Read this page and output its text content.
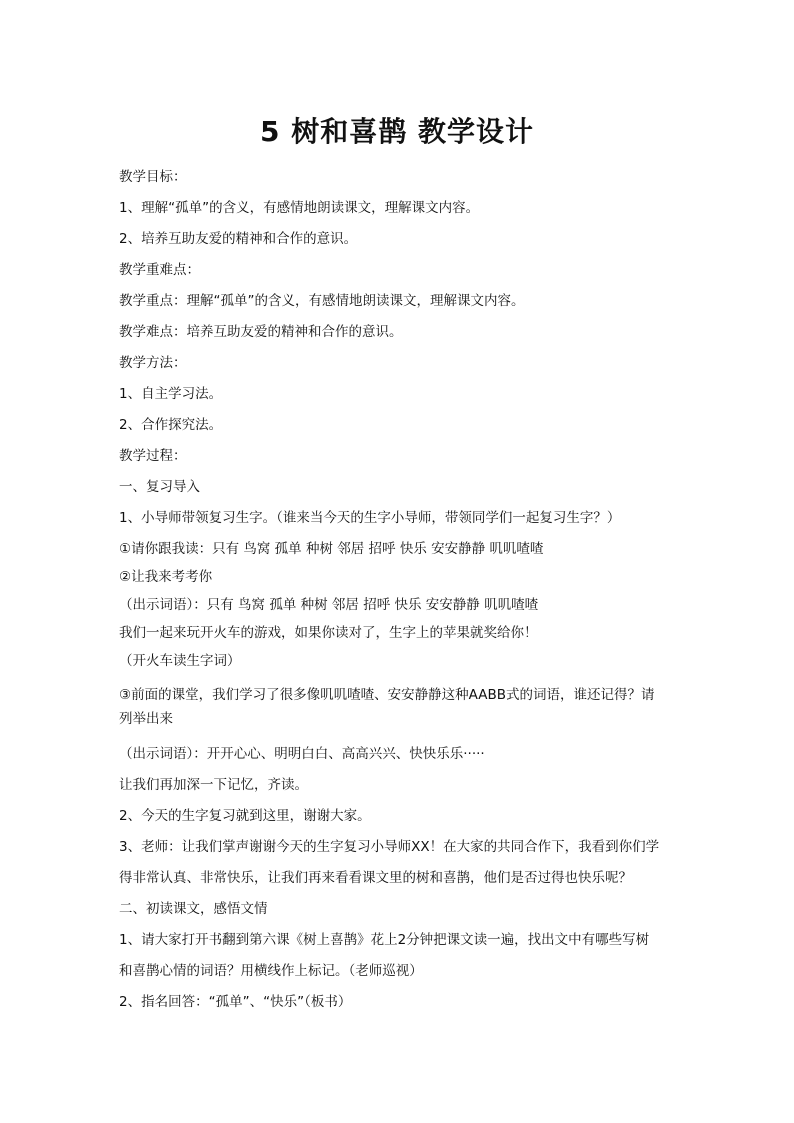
5 树和喜鹊 教学设计
教学目标：
1、理解“孤单”的含义，有感情地朗读课文，理解课文内容。
2、培养互助友爱的精神和合作的意识。
教学重难点：
教学重点：理解“孤单”的含义，有感情地朗读课文，理解课文内容。
教学难点：培养互助友爱的精神和合作的意识。
教学方法：
1、自主学习法。
2、合作探究法。
教学过程：
一、复习导入
1、小导师带领复习生字。（谁来当今天的生字小导师，带领同学们一起复习生字？）
①请你跟我读：只有 鸟窝 孤单 种树 邻居 招呼 快乐 安安静静 叽叽喳喳
②让我来考考你
（出示词语）：只有 鸟窝 孤单 种树 邻居 招呼 快乐 安安静静 叽叽喳喳
我们一起来玩开火车的游戏，如果你读对了，生字上的苹果就奖给你！
（开火车读生字词）
③前面的课堂，我们学习了很多像叽叽喳喳、安安静静这种AABB式的词语，谁还记得？请
列举出来
（出示词语）：开开心心、明明白白、高高兴兴、快快乐乐·····
让我们再加深一下记忆，齐读。
2、今天的生字复习就到这里，谢谢大家。
3、老师：让我们掌声谢谢今天的生字复习小导师XX！在大家的共同合作下，我看到你们学
得非常认真、非常快乐，让我们再来看看课文里的树和喜鹊，他们是否过得也快乐呢？
二、初读课文，感悟文情
1、请大家打开书翻到第六课《树上喜鹊》花上2分钟把课文读一遍，找出文中有哪些写树
和喜鹊心情的词语？用横线作上标记。（老师巡视）
2、指名回答：“孤单”、“快乐”（板书）
